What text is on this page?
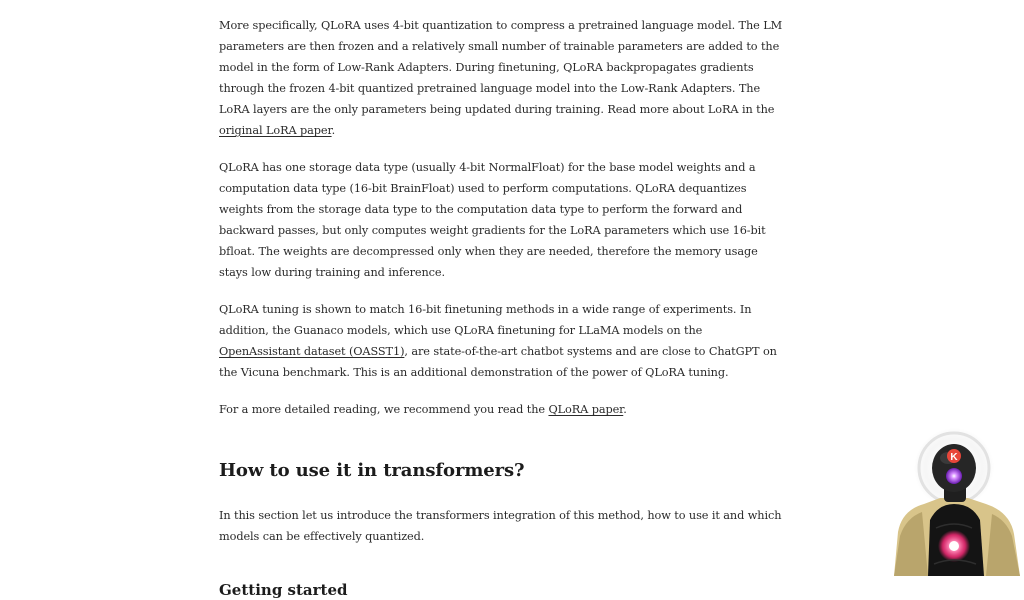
More specifically, QLoRA uses 4-bit quantization to compress a pretrained language model. The LM parameters are then frozen and a relatively small number of trainable parameters are added to the model in the form of Low-Rank Adapters. During finetuning, QLoRA backpropagates gradients through the frozen 4-bit quantized pretrained language model into the Low-Rank Adapters. The LoRA layers are the only parameters being updated during training. Read more about LoRA in the original LoRA paper.

QLoRA has one storage data type (usually 4-bit NormalFloat) for the base model weights and a computation data type (16-bit BrainFloat) used to perform computations. QLoRA dequantizes weights from the storage data type to the computation data type to perform the forward and backward passes, but only computes weight gradients for the LoRA parameters which use 16-bit bfloat. The weights are decompressed only when they are needed, therefore the memory usage stays low during training and inference.

QLoRA tuning is shown to match 16-bit finetuning methods in a wide range of experiments. In addition, the Guanaco models, which use QLoRA finetuning for LLaMA models on the OpenAssistant dataset (OASST1), are state-of-the-art chatbot systems and are close to ChatGPT on the Vicuna benchmark. This is an additional demonstration of the power of QLoRA tuning.

For a more detailed reading, we recommend you read the QLoRA paper.

How to use it in transformers?

In this section let us introduce the transformers integration of this method, how to use it and which models can be effectively quantized.

Getting started
K
